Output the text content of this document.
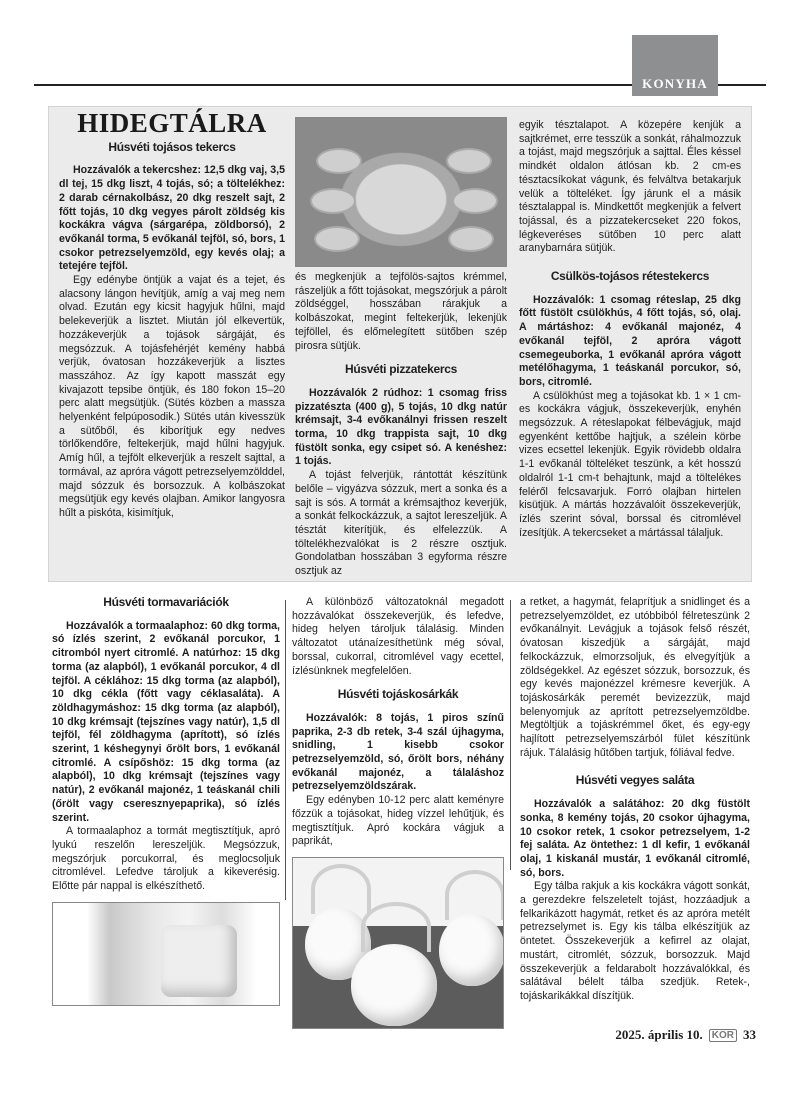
KONYHA
HIDEGTÁLRA
Húsvéti tojásos tekercs

Hozzávalók a tekercshez: 12,5 dkg vaj, 3,5 dl tej, 15 dkg liszt, 4 tojás, só; a töltelékhez: 2 darab cérnakolbász, 20 dkg reszelt sajt, 2 főtt tojás, 10 dkg vegyes párolt zöldség kis kockákra vágva (sárgarépa, zöldborsó), 2 evőkanál torma, 5 evőkanál tejföl, só, bors, 1 csokor petrezselyemzöld, egy kevés olaj; a tetejére tejföl.

Egy edénybe öntjük a vajat és a tejet, és alacsony lángon hevítjük, amíg a vaj meg nem olvad. Ezután egy kicsit hagyjuk hűlni, majd belekeverjük a lisztet. Miután jól elkevertük, hozzákeverjük a tojások sárgáját, és megsózzuk. A tojásfehérjét kemény habbá verjük, óvatosan hozzákeverjük a lisztes masszához. Az így kapott masszát egy kivajazott tepsibe öntjük, és 180 fokon 15–20 perc alatt megsütjük. (Sütés közben a massza helyenként felpúposodik.) Sütés után kivesszük a sütőből, és kiborítjuk egy nedves törlőkendőre, feltekerjük, majd hűlni hagyjuk. Amíg hűl, a tejfölt elkeverjük a reszelt sajttal, a tormával, az apróra vágott petrezselyemzölddel, majd sózzuk és borsozzuk. A kolbászokat megsütjük egy kevés olajban. Amikor langyosra hűlt a piskóta, kisimítjuk,

és megkenjük a tejfölös-sajtos krémmel, rászeljük a főtt tojásokat, megszórjuk a párolt zöldséggel, hosszában rárakjuk a kolbászokat, megint feltekerjük, lekenjük tejföllel, és előmelegített sütőben szép pirosra sütjük.

Húsvéti pizzatekercs

Hozzávalók 2 rúdhoz: 1 csomag friss pizzatészta (400 g), 5 tojás, 10 dkg natúr krémsajt, 3-4 evőkanálnyi frissen reszelt torma, 10 dkg trappista sajt, 10 dkg füstölt sonka, egy csipet só. A kenéshez: 1 tojás.

A tojást felverjük, rántottát készítünk belőle – vigyázva sózzuk, mert a sonka és a sajt is sós. A tormát a krémsajthoz keverjük, a sonkát felkockázzuk, a sajtot lereszeljük. A tésztát kiterítjük, és elfelezzük. A töltelékhezvalókat is 2 részre osztjuk. Gondolatban hosszában 3 egyforma részre osztjuk az

egyik tésztalapot. A közepére kenjük a sajtkrémet, erre tesszük a sonkát, ráhalmozzuk a tojást, majd megszórjuk a sajttal. Éles késsel mindkét oldalon átlósan kb. 2 cm-es tésztacsíkokat vágunk, és felváltva betakarjuk velük a tölteléket. Így járunk el a másik tésztalappal is. Mindkettőt megkenjük a felvert tojással, és a pizzatekercseket 220 fokos, légkeveréses sütőben 10 perc alatt aranybarnára sütjük.

Csülkös-tojásos rétestekercs

Hozzávalók: 1 csomag réteslap, 25 dkg főtt füstölt csülökhús, 4 főtt tojás, só, olaj. A mártáshoz: 4 evőkanál majonéz, 4 evőkanál tejföl, 2 apróra vágott csemegeuborka, 1 evőkanál apróra vágott metélőhagyma, 1 teáskanál porcukor, só, bors, citromlé.

A csülökhúst meg a tojásokat kb. 1 × 1 cm-es kockákra vágjuk, összekeverjük, enyhén megsózzuk. A réteslapokat félbevágjuk, majd egyenként kettőbe hajtjuk, a szélein körbe vizes ecsettel lekenjük. Egyik rövidebb oldalra 1-1 evőkanál tölteléket teszünk, a két hosszú oldalról 1-1 cm-t behajtunk, majd a töltelékes feléről felcsavarjuk. Forró olajban hirtelen kisütjük. A mártás hozzávalóit összekeverjük, ízlés szerint sóval, borssal és citromlével ízesítjük. A tekercseket a mártással tálaljuk.

Húsvéti tormavariációk

Hozzávalók a tormaalaphoz: 60 dkg torma, só ízlés szerint, 2 evőkanál porcukor, 1 citromból nyert citromlé. A natúrhoz: 15 dkg torma (az alapból), 1 evőkanál porcukor, 4 dl tejföl. A céklához: 15 dkg torma (az alapból), 10 dkg cékla (főtt vagy céklasaláta). A zöldhagymáshoz: 15 dkg torma (az alapból), 10 dkg krémsajt (tejszínes vagy natúr), 1,5 dl tejföl, fél zöldhagyma (aprított), só ízlés szerint, 1 késhegynyi őrölt bors, 1 evőkanál citromlé. A csípőshöz: 15 dkg torma (az alapból), 10 dkg krémsajt (tejszínes vagy natúr), 2 evőkanál majonéz, 1 teáskanál chili (őrölt vagy cseresznyepaprika), só ízlés szerint.

A tormaalaphoz a tormát megtisztítjuk, apró lyukú reszelőn lereszeljük. Megsózzuk, megszórjuk porcukorral, és meglocsoljuk citromlével. Lefedve tároljuk a kikeverésig. Előtte pár nappal is elkészíthető.

A különböző változatoknál megadott hozzávalókat összekeverjük, és lefedve, hideg helyen tároljuk tálalásig. Minden változatot utánaízesíthetünk még sóval, borssal, cukorral, citromlével vagy ecettel, ízlésünknek megfelelően.

Húsvéti tojáskosárkák

Hozzávalók: 8 tojás, 1 piros színű paprika, 2-3 db retek, 3-4 szál újhagyma, snidling, 1 kisebb csokor petrezselyemzöld, só, őrölt bors, néhány evőkanál majonéz, a tálaláshoz petrezselyemzöldszárak.

Egy edényben 10-12 perc alatt keményre főzzük a tojásokat, hideg vízzel lehűtjük, és megtisztítjuk. Apró kockára vágjuk a paprikát,

a retket, a hagymát, felaprítjuk a snidlinget és a petrezselyemzöldet, ez utóbbiból félreteszünk 2 evőkanálnyit. Levágjuk a tojások felső részét, óvatosan kiszedjük a sárgáját, majd felkockázzuk, elmorzsoljuk, és elvegyítjük a zöldségekkel. Az egészet sózzuk, borsozzuk, és egy kevés majonézzel krémesre keverjük. A tojáskosárkák peremét bevizezzük, majd belenyomjuk az aprított petrezselyemzöldbe. Megtöltjük a tojáskrémmel őket, és egy-egy hajlított petrezselyemszárból fület készítünk rájuk. Tálalásig hűtőben tartjuk, fóliával fedve.

Húsvéti vegyes saláta

Hozzávalók a salátához: 20 dkg füstölt sonka, 8 kemény tojás, 20 csokor újhagyma, 10 csokor retek, 1 csokor petrezselyem, 1-2 fej saláta. Az öntethez: 1 dl kefir, 1 evőkanál olaj, 1 kiskanál mustár, 1 evőkanál citromlé, só, bors.

Egy tálba rakjuk a kis kockákra vágott sonkát, a gerezdekre felszeletelt tojást, hozzáadjuk a felkarikázott hagymát, retket és az apróra metélt petrezselymet is. Egy kis tálba elkészítjük az öntetet. Összekeverjük a kefirrel az olajat, mustárt, citromlét, sózzuk, borsozzuk. Majd összekeverjük a feldarabolt hozzávalókkal, és salátával bélelt tálba szedjük. Retek-, tojáskarikákkal díszítjük.

2025. április 10. KÖR 33
